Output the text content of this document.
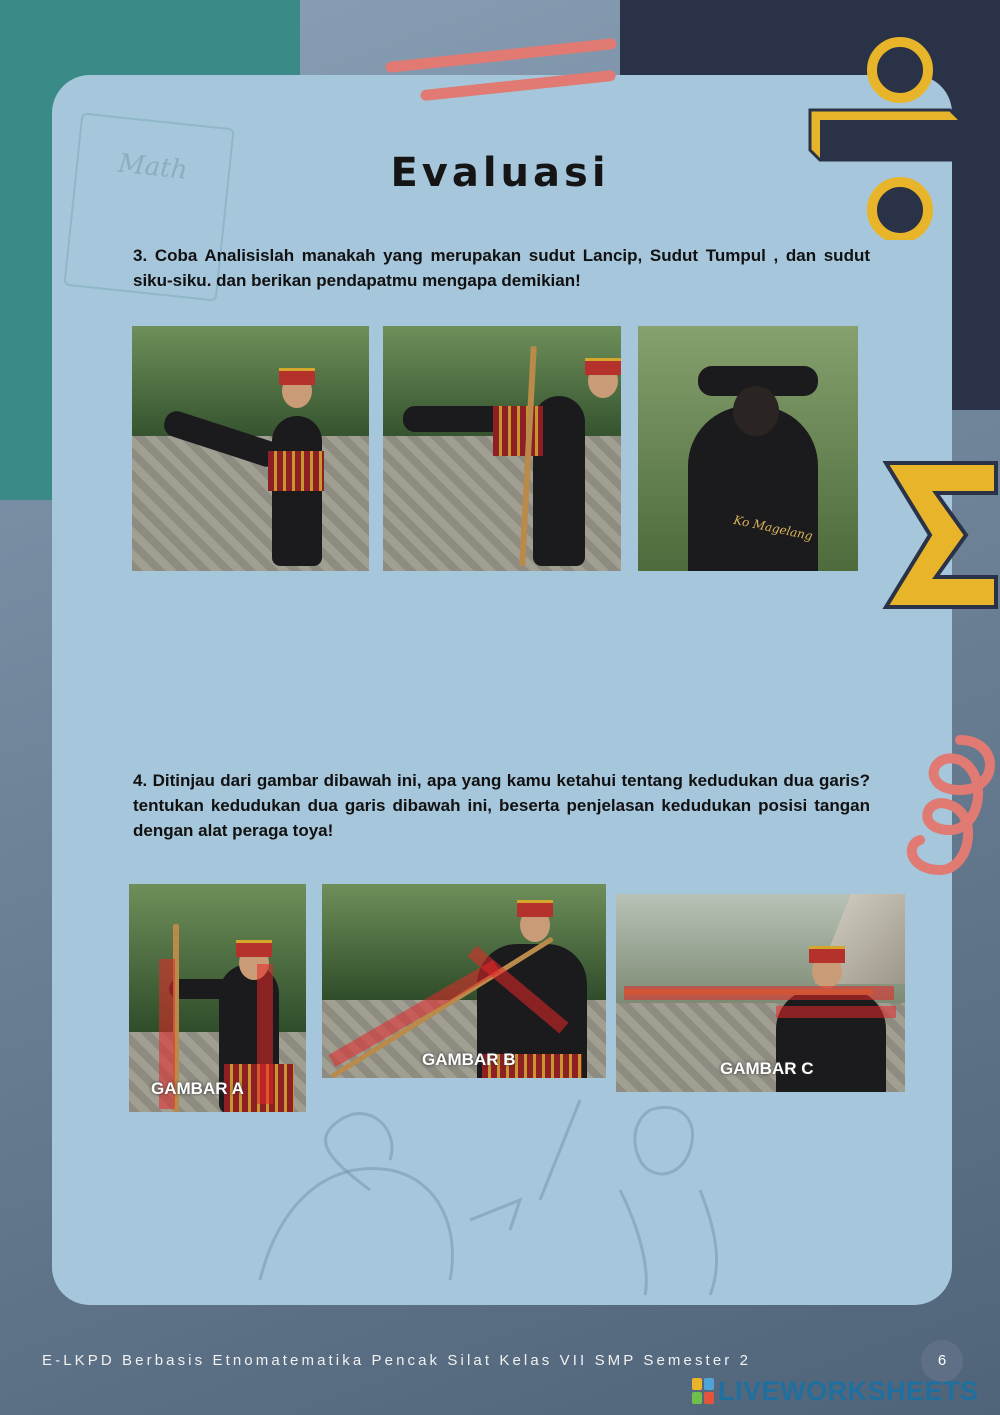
Math	Evaluasi
3. Coba Analisislah manakah yang merupakan sudut Lancip, Sudut Tumpul , dan sudut siku-siku. dan berikan pendapatmu mengapa demikian!
Ko Magelang
4. Ditinjau dari gambar dibawah ini, apa yang kamu ketahui tentang kedudukan dua garis? tentukan kedudukan dua garis dibawah ini, beserta penjelasan kedudukan posisi tangan dengan alat peraga toya!
GAMBAR A
GAMBAR B	GAMBAR C
E-LKPD Berbasis Etnomatematika Pencak Silat Kelas VII SMP Semester 2	6
LIVEWORKSHEETS
